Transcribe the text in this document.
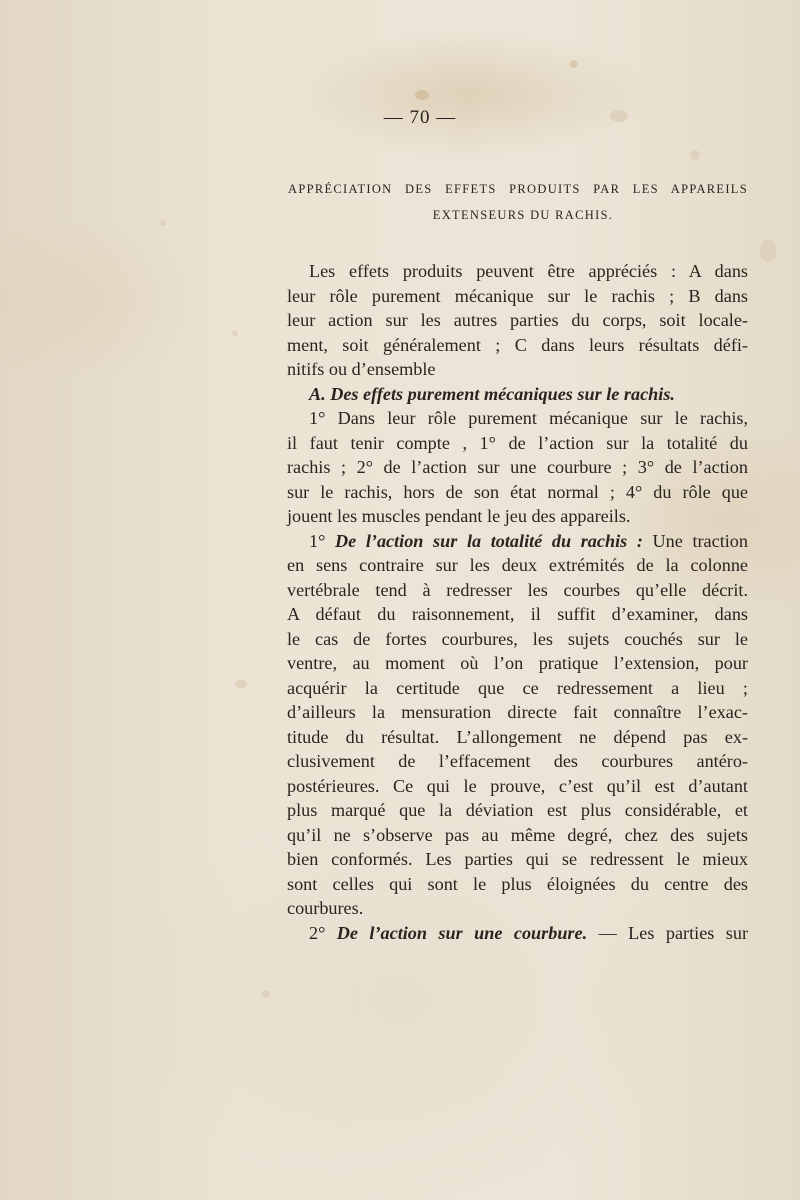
— 70 —
APPRÉCIATION DES EFFETS PRODUITS PAR LES APPAREILS
EXTENSEURS DU RACHIS.
Les effets produits peuvent être appréciés : A dans
leur rôle purement mécanique sur le rachis ; B dans
leur action sur les autres parties du corps, soit locale-
ment, soit généralement ; C dans leurs résultats défi-
nitifs ou d’ensemble
A. Des effets purement mécaniques sur le rachis.
1° Dans leur rôle purement mécanique sur le rachis,
il faut tenir compte , 1° de l’action sur la totalité du
rachis ; 2° de l’action sur une courbure ; 3° de l’action
sur le rachis, hors de son état normal ; 4° du rôle que
jouent les muscles pendant le jeu des appareils.
1° De l’action sur la totalité du rachis : Une traction
en sens contraire sur les deux extrémités de la colonne
vertébrale tend à redresser les courbes qu’elle décrit.
A défaut du raisonnement, il suffit d’examiner, dans
le cas de fortes courbures, les sujets couchés sur le
ventre, au moment où l’on pratique l’extension, pour
acquérir la certitude que ce redressement a lieu ;
d’ailleurs la mensuration directe fait connaître l’exac-
titude du résultat. L’allongement ne dépend pas ex-
clusivement de l’effacement des courbures antéro-
postérieures. Ce qui le prouve, c’est qu’il est d’autant
plus marqué que la déviation est plus considérable, et
qu’il ne s’observe pas au même degré, chez des sujets
bien conformés. Les parties qui se redressent le mieux
sont celles qui sont le plus éloignées du centre des
courbures.
2° De l’action sur une courbure. — Les parties sur
